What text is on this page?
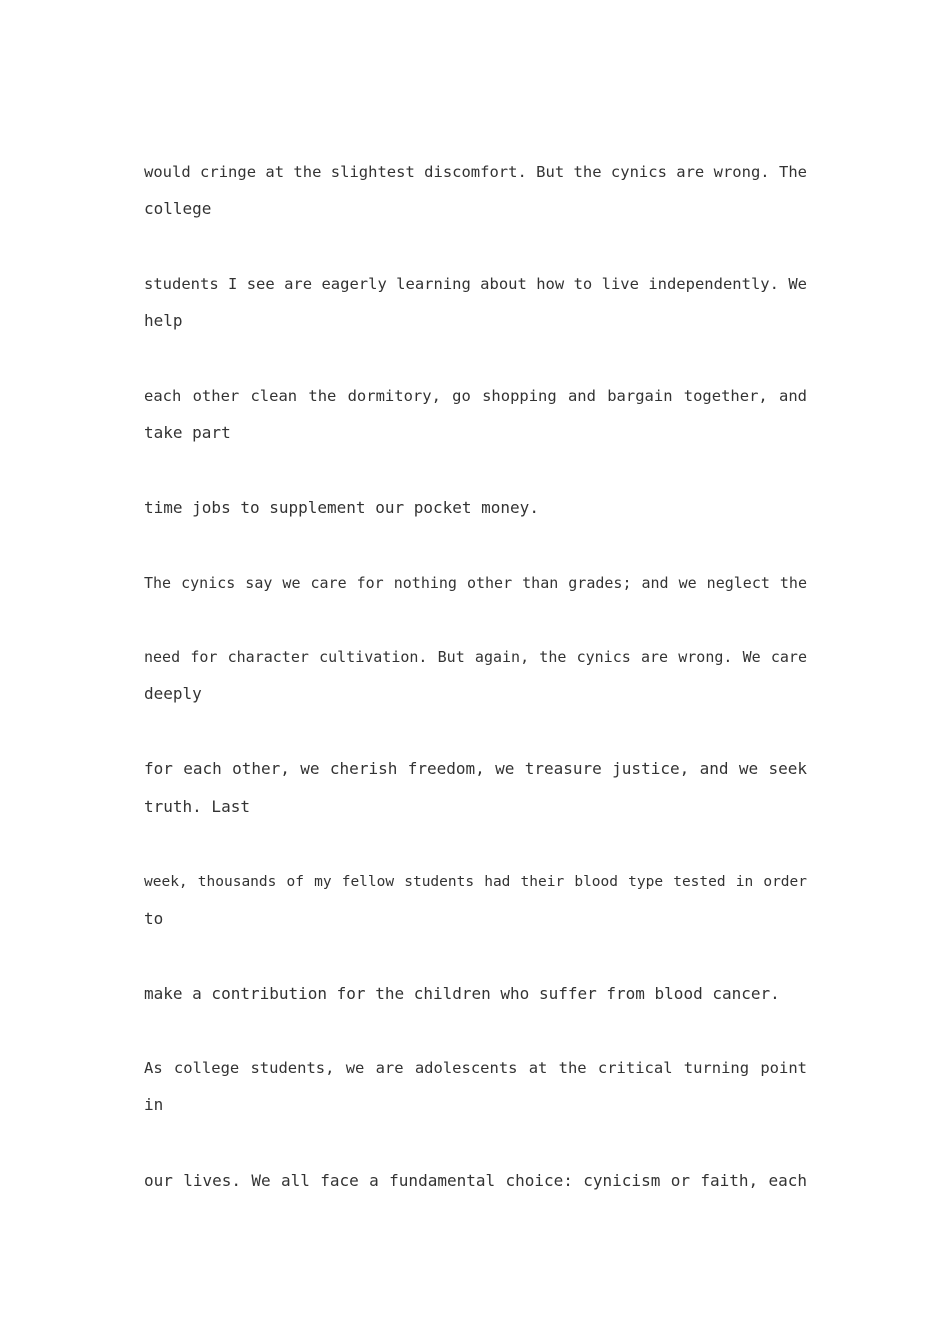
would cringe at the slightest discomfort. But the cynics are wrong. The

college

students I see are eagerly learning about how to live independently. We

help

each other clean the dormitory, go shopping and bargain together, and

take part

time jobs to supplement our pocket money.

The cynics say we care for nothing other than grades; and we neglect the

need for character cultivation. But again, the cynics are wrong. We care

deeply

for each other, we cherish freedom, we treasure justice, and we seek

truth. Last

week, thousands of my fellow students had their blood type tested in order

to

make a contribution for the children who suffer from blood cancer.

As college students, we are adolescents at the critical turning point

in

our lives. We all face a fundamental choice: cynicism or faith, each
